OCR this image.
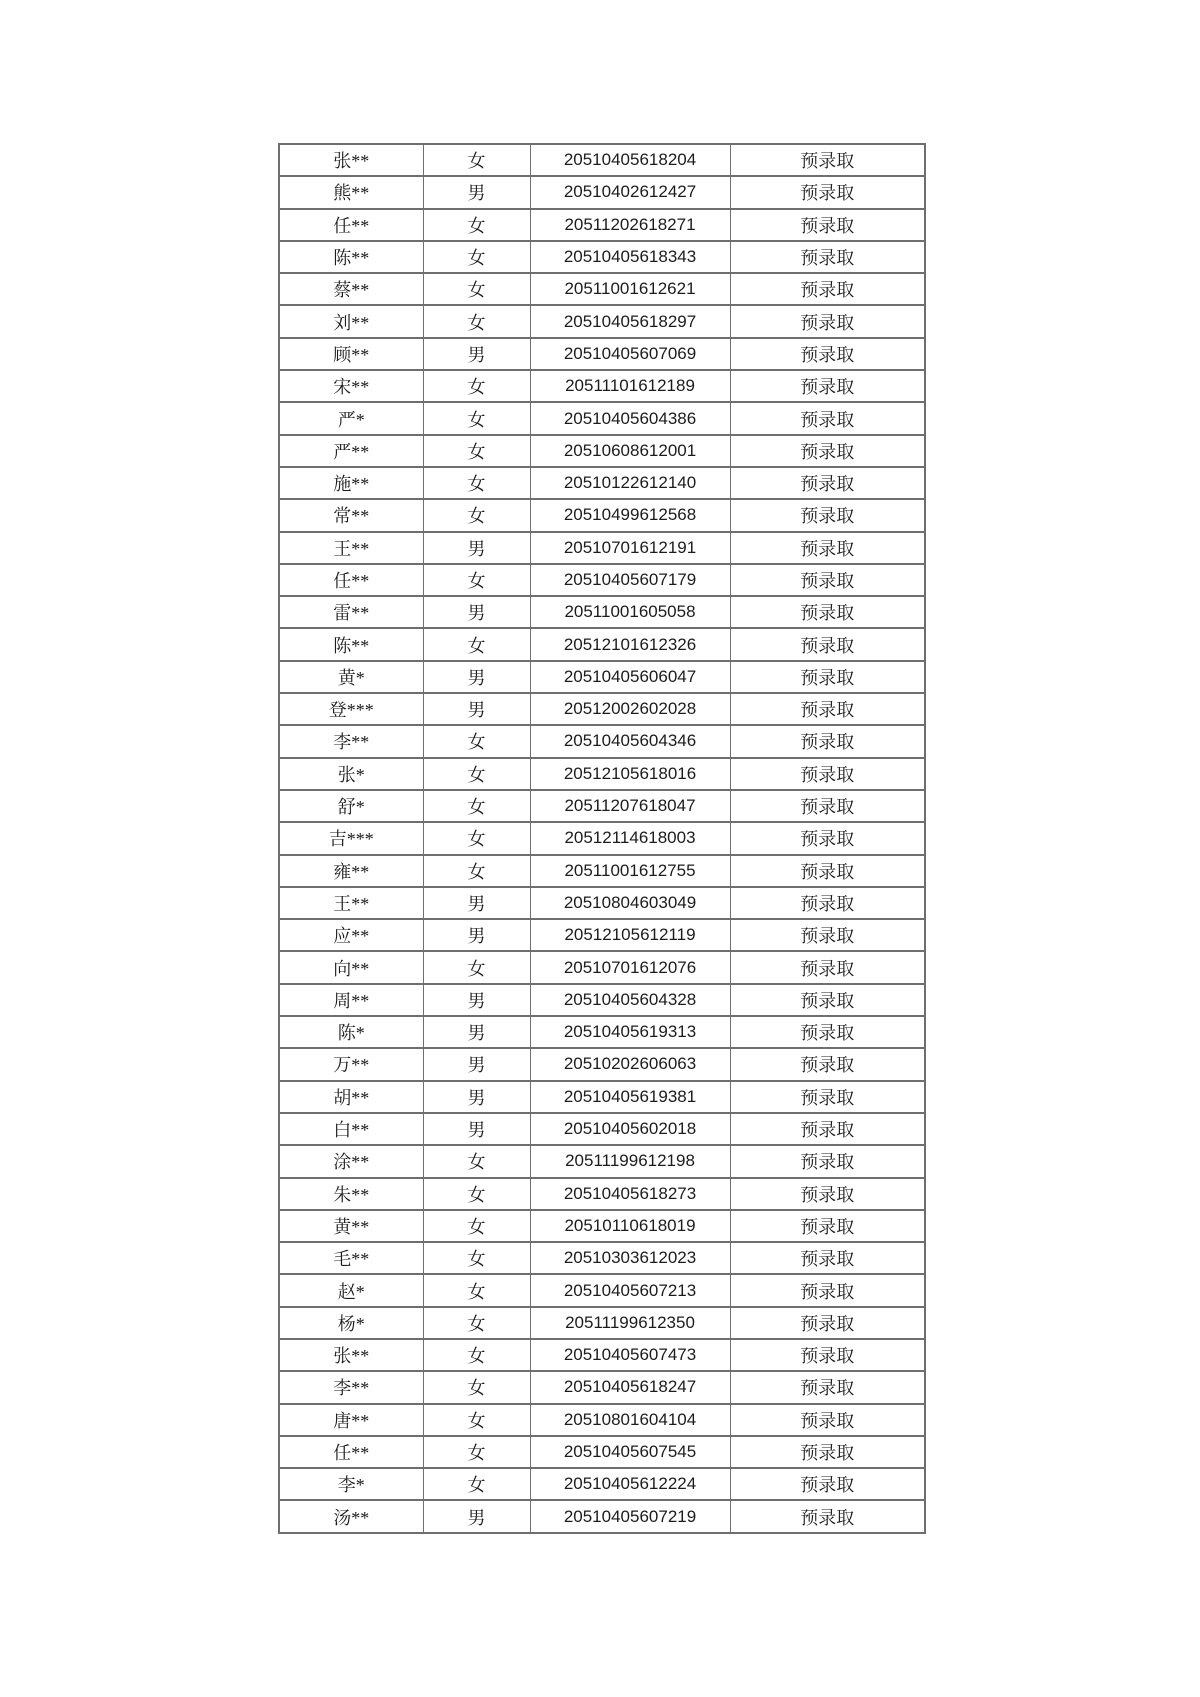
张**	女	20510405618204	预录取
熊**	男	20510402612427	预录取
任**	女	20511202618271	预录取
陈**	女	20510405618343	预录取
蔡**	女	20511001612621	预录取
刘**	女	20510405618297	预录取
顾**	男	20510405607069	预录取
宋**	女	20511101612189	预录取
严*	女	20510405604386	预录取
严**	女	20510608612001	预录取
施**	女	20510122612140	预录取
常**	女	20510499612568	预录取
王**	男	20510701612191	预录取
任**	女	20510405607179	预录取
雷**	男	20511001605058	预录取
陈**	女	20512101612326	预录取
黄*	男	20510405606047	预录取
登***	男	20512002602028	预录取
李**	女	20510405604346	预录取
张*	女	20512105618016	预录取
舒*	女	20511207618047	预录取
吉***	女	20512114618003	预录取
雍**	女	20511001612755	预录取
王**	男	20510804603049	预录取
应**	男	20512105612119	预录取
向**	女	20510701612076	预录取
周**	男	20510405604328	预录取
陈*	男	20510405619313	预录取
万**	男	20510202606063	预录取
胡**	男	20510405619381	预录取
白**	男	20510405602018	预录取
涂**	女	20511199612198	预录取
朱**	女	20510405618273	预录取
黄**	女	20510110618019	预录取
毛**	女	20510303612023	预录取
赵*	女	20510405607213	预录取
杨*	女	20511199612350	预录取
张**	女	20510405607473	预录取
李**	女	20510405618247	预录取
唐**	女	20510801604104	预录取
任**	女	20510405607545	预录取
李*	女	20510405612224	预录取
汤**	男	20510405607219	预录取
